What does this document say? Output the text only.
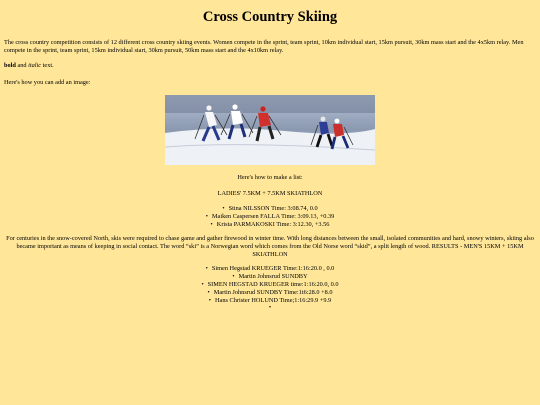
Cross Country Skiing

The cross country competition consists of 12 different cross country skiing events. Women compete in the sprint, team sprint, 10km individual start, 15km pursuit, 30km mass start and the 4x5km relay. Men compete in the sprint, team sprint, 15km individual start, 30km pursuit, 50km mass start and the 4x10km relay.

bold and italic text.

Here's how you can add an image:

Here's how to make a list:

LADIES' 7.5KM + 7.5KM SKIATHLON

• Stina NILSSON Time: 3:08.74, 0.0
• Maiken Caspersen FALLA Time: 3:09.13, +0.39
• Krista PARMAKOSKI Time: 3:12.30, +3.56

For centuries in the snow-covered North, skis were required to chase game and gather firewood in winter time. With long distances between the small, isolated communities and hard, snowy winters, skiing also became important as means of keeping in social contact. The word “ski” is a Norwegian word which comes from the Old Norse word “skid”, a split length of wood. RESULTS - MEN'S 15KM + 15KM SKIATHLON

• Simen Hegstad KRUEGER Time:1:16:20.0 , 0.0
• Martin Johnsrud SUNDBY
• SIMEN HEGSTAD KRUEGER time:1:16:20.0, 0.0
• Martin Johnsrud SUNDBY Time:1t6:28.0 +8.0
• Hans Christer HOLUND Time;1:16:29.9 +9.9
•
